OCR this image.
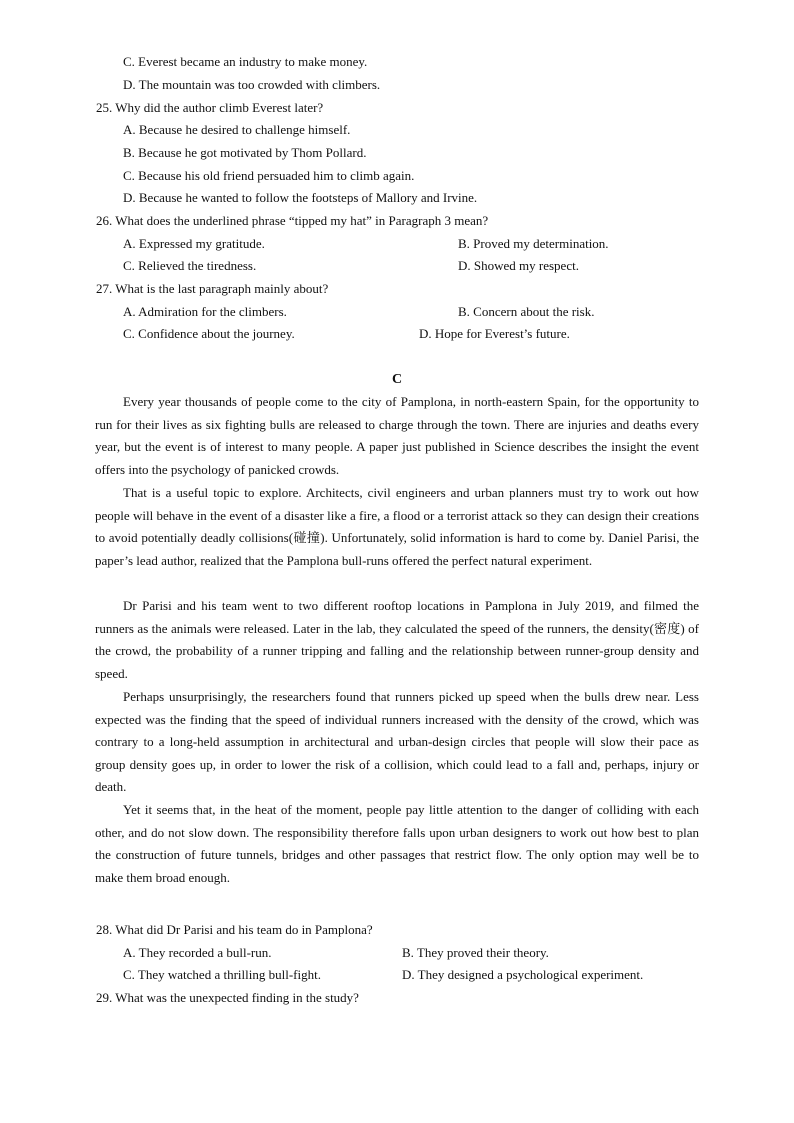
C. Everest became an industry to make money.
D. The mountain was too crowded with climbers.
25. Why did the author climb Everest later?
A. Because he desired to challenge himself.
B. Because he got motivated by Thom Pollard.
C. Because his old friend persuaded him to climb again.
D. Because he wanted to follow the footsteps of Mallory and Irvine.
26. What does the underlined phrase “tipped my hat” in Paragraph 3 mean?
A. Expressed my gratitude.	B. Proved my determination.
C. Relieved the tiredness.	D. Showed my respect.
27. What is the last paragraph mainly about?
A. Admiration for the climbers.	B. Concern about the risk.
C. Confidence about the journey.	D. Hope for Everest’s future.
C
Every year thousands of people come to the city of Pamplona, in north-eastern Spain, for the opportunity to run for their lives as six fighting bulls are released to charge through the town. There are injuries and deaths every year, but the event is of interest to many people. A paper just published in Science describes the insight the event offers into the psychology of panicked crowds.
That is a useful topic to explore. Architects, civil engineers and urban planners must try to work out how people will behave in the event of a disaster like a fire, a flood or a terrorist attack so they can design their creations to avoid potentially deadly collisions(碰撞). Unfortunately, solid information is hard to come by. Daniel Parisi, the paper’s lead author, realized that the Pamplona bull-runs offered the perfect natural experiment.
Dr Parisi and his team went to two different rooftop locations in Pamplona in July 2019, and filmed the runners as the animals were released. Later in the lab, they calculated the speed of the runners, the density(密度) of the crowd, the probability of a runner tripping and falling and the relationship between runner-group density and speed.
Perhaps unsurprisingly, the researchers found that runners picked up speed when the bulls drew near. Less expected was the finding that the speed of individual runners increased with the density of the crowd, which was contrary to a long-held assumption in architectural and urban-design circles that people will slow their pace as group density goes up, in order to lower the risk of a collision, which could lead to a fall and, perhaps, injury or death.
Yet it seems that, in the heat of the moment, people pay little attention to the danger of colliding with each other, and do not slow down. The responsibility therefore falls upon urban designers to work out how best to plan the construction of future tunnels, bridges and other passages that restrict flow. The only option may well be to make them broad enough.
28. What did Dr Parisi and his team do in Pamplona?
A. They recorded a bull-run.	B. They proved their theory.
C. They watched a thrilling bull-fight.	D. They designed a psychological experiment.
29. What was the unexpected finding in the study?
